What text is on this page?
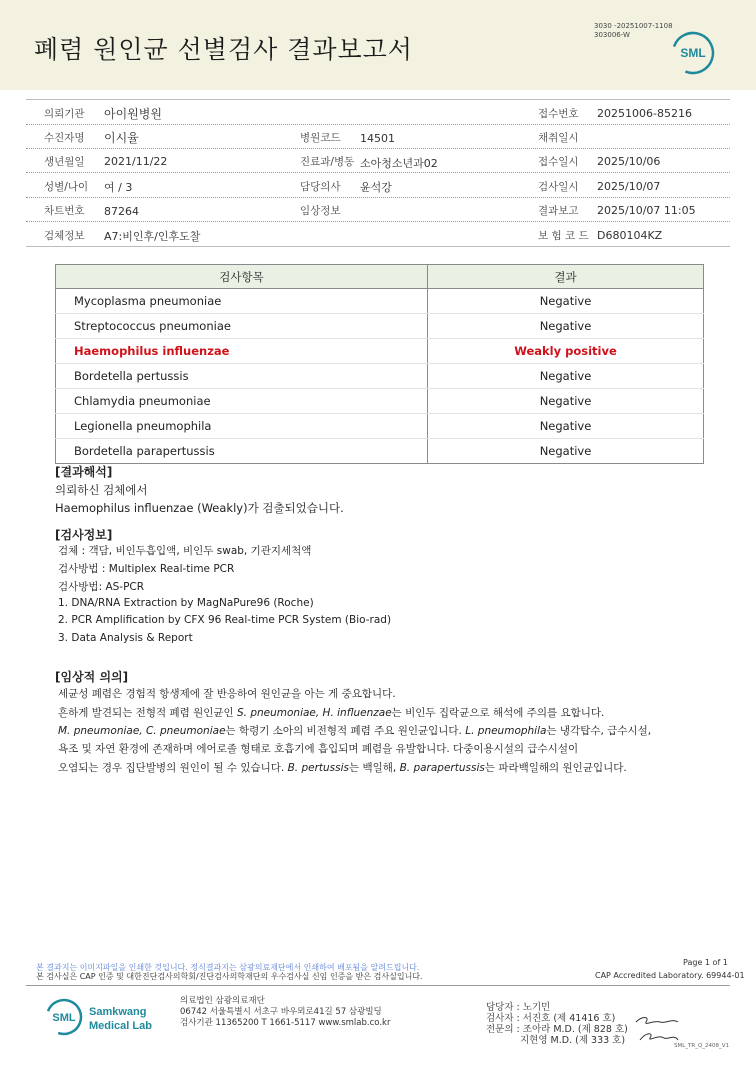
폐렴 원인균 선별검사 결과보고서
3030 -20251007-1108
303006-W
SML
의뢰기관 아이원병원	접수번호 20251006-85216
수진자명 이시율	병원코드 14501	채취일시
생년월일 2021/11/22	진료과/병동 소아청소년과02	접수일시 2025/10/06
성별/나이 여 / 3	담당의사 윤석강	검사일시 2025/10/07
차트번호 87264	임상정보	결과보고 2025/10/07 11:05
검체정보 A7:비인후/인후도찰	보 험 코 드 D680104KZ
검사항목	결과
Mycoplasma pneumoniae	Negative
Streptococcus pneumoniae	Negative
Haemophilus influenzae	Weakly positive
Bordetella pertussis	Negative
Chlamydia pneumoniae	Negative
Legionella pneumophila	Negative
Bordetella parapertussis	Negative
[결과해석]
의뢰하신 검체에서
Haemophilus influenzae (Weakly)가 검출되었습니다.
[검사정보]
검체 : 객담, 비인두흡입액, 비인두 swab, 기관지세척액
검사방법 : Multiplex Real-time PCR
검사방법: AS-PCR
1. DNA/RNA Extraction by MagNaPure96 (Roche)
2. PCR Amplification by CFX 96 Real-time PCR System (Bio-rad)
3. Data Analysis & Report
[임상적 의의]
세균성 폐렴은 경험적 항생제에 잘 반응하여 원인균을 아는 게 중요합니다.
흔하게 발견되는 전형적 폐렴 원인균인 S. pneumoniae, H. influenzae는 비인두 집락균으로 해석에 주의를 요합니다.
M. pneumoniae, C. pneumoniae는 학령기 소아의 비전형적 폐렴 주요 원인균입니다. L. pneumophila는 냉각탑수, 급수시설,
욕조 및 자연 환경에 존재하며 에어로졸 형태로 호흡기에 흡입되며 폐렴을 유발합니다. 다중이용시설의 급수시설이
오염되는 경우 집단발병의 원인이 될 수 있습니다. B. pertussis는 백일해, B. parapertussis는 파라백일해의 원인균입니다.
Page 1 of 1
본 결과지는 이미지파일을 인쇄한 것입니다. 정식결과지는 삼광의료재단에서 인쇄하여 배포됨을 알려드립니다.
본 검사실은 CAP 인증 및 대한진단검사의학회/진단검사의학재단의 우수검사실 신임 인증을 받은 검사실입니다.	CAP Accredited Laboratory. 69944-01
SML Samkwang
Medical Lab
의료법인 삼광의료재단
06742 서울특별시 서초구 바우뫼로41길 57 삼광빌딩
검사기관 11365200 T 1661-5117 www.smlab.co.kr
담당자 : 노기민
검사자 : 서진호 (제 41416 호)
전문의 : 조아라 M.D. (제 828 호)
지현영 M.D. (제 333 호)	SML_TR_Q_2408_V1
